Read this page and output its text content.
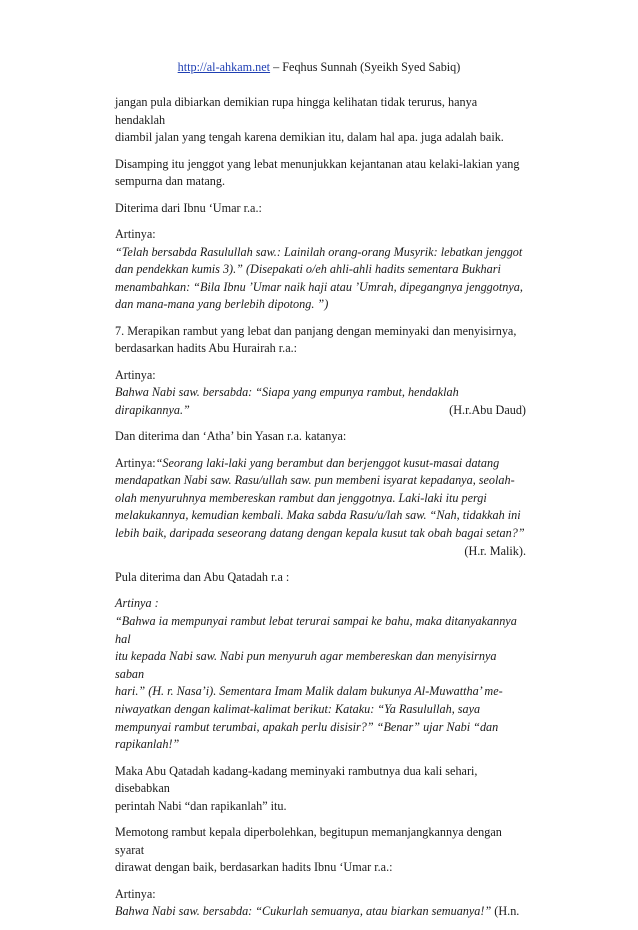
http://al-ahkam.net – Feqhus Sunnah (Syeikh Syed Sabiq)
jangan pula dibiarkan demikian rupa hingga kelihatan tidak terurus, hanya hendaklah
diambil jalan yang tengah karena demikian itu, dalam hal apa. juga adalah baik.
Disamping itu jenggot yang lebat menunjukkan kejantanan atau kelaki-lakian yang
sempurna dan matang.
Diterima dari Ibnu ‘Umar r.a.:
Artinya:
“Telah bersabda Rasulullah saw.: Lainilah orang-orang Musyrik: lebatkan jenggot
dan pendekkan kumis 3).” (Disepakati o/eh ahli-ahli hadits sementara Bukhari
menambahkan: “Bila Ibnu ’Umar naik haji atau ’Umrah, dipegangnya jenggotnya,
dan mana-mana yang berlebih dipotong. ”)
7. Merapikan rambut yang lebat dan panjang dengan meminyaki dan menyisirnya,
berdasarkan hadits Abu Hurairah r.a.:
Artinya:
Bahwa Nabi saw. bersabda: “Siapa yang empunya rambut, hendaklah
dirapikannya.”	(H.r.Abu Daud)
Dan diterima dan ‘Atha’ bin Yasan r.a. katanya:
Artinya:“Seorang laki-laki yang berambut dan berjenggot kusut-masai datang
mendapatkan Nabi saw. Rasu/ullah saw. pun membeni isyarat kepadanya, seolah-
olah menyuruhnya membereskan rambut dan jenggotnya. Laki-laki itu pergi
melakukannya, kemudian kembali. Maka sabda Rasu/u/lah saw. “Nah, tidakkah ini
lebih baik, daripada seseorang datang dengan kepala kusut tak obah bagai setan?”
(H.r. Malik).
Pula diterima dan Abu Qatadah r.a :
Artinya :
“Bahwa ia mempunyai rambut lebat terurai sampai ke bahu, maka ditanyakannya hal
itu kepada Nabi saw. Nabi pun menyuruh agar membereskan dan menyisirnya saban
hari.” (H. r. Nasa’i). Sementara Imam Malik dalam bukunya Al-Muwattha’ me-
niwayatkan dengan kalimat-kalimat berikut: Kataku: “Ya Rasulullah, saya
mempunyai rambut terumbai, apakah perlu disisir?” “Benar” ujar Nabi “dan
rapikanlah!”
Maka Abu Qatadah kadang-kadang meminyaki rambutnya dua kali sehari, disebabkan
perintah Nabi “dan rapikanlah” itu.
Memotong rambut kepala diperbolehkan, begitupun memanjangkannya dengan syarat
dirawat dengan baik, berdasarkan hadits Ibnu ‘Umar r.a.:
Artinya:
Bahwa Nabi saw. bersabda: “Cukurlah semuanya, atau biarkan semuanya!” (H.n.
